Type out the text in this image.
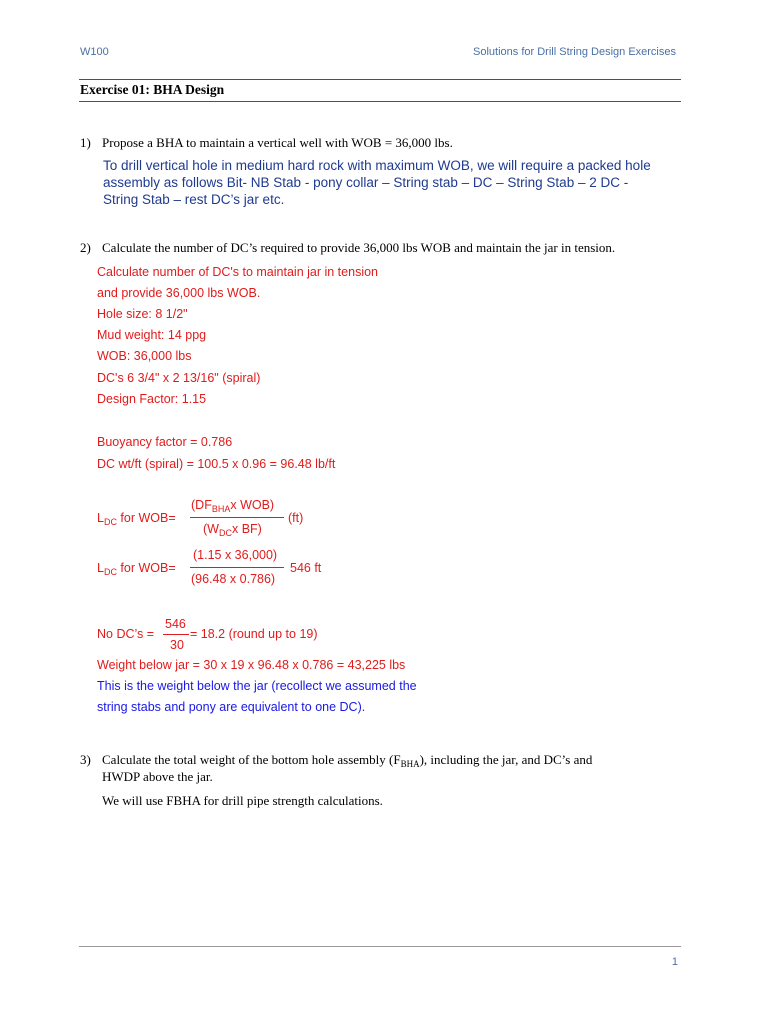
W100	Solutions for Drill String Design Exercises
Exercise 01: BHA Design
1) Propose a BHA to maintain a vertical well with WOB = 36,000 lbs.
To drill vertical hole in medium hard rock with maximum WOB, we will require a packed hole
assembly as follows Bit- NB Stab - pony collar – String stab – DC – String Stab – 2 DC -
String Stab – rest DC’s jar etc.
2) Calculate the number of DC’s required to provide 36,000 lbs WOB and maintain the jar in tension.
Calculate number of DC's to maintain jar in tension
and provide 36,000 lbs WOB.
Hole size: 8 1/2"
Mud weight: 14 ppg
WOB: 36,000 lbs
DC's 6 3/4" x 2 13/16" (spiral)
Design Factor: 1.15
Buoyancy factor = 0.786
DC wt/ft (spiral) = 100.5 x 0.96 = 96.48 lb/ft
$L_{DC}$ for WOB=
($DF_{BHA}x$ WOB)
($W_{DC}x$ BF)
(ft)
$L_{DC}$ for WOB=
(1.15 x 36,000)
(96.48 x 0.786)
546 ft
No DC’s =
546
30
= 18.2 (round up to 19)
Weight below jar = 30 x 19 x 96.48 x 0.786 = 43,225 lbs
This is the weight below the jar (recollect we assumed the
string stabs and pony are equivalent to one DC).
3) Calculate the total weight of the bottom hole assembly $(F_{BHA})$, including the jar, and DC’s and
HWDP above the jar.
We will use FBHA for drill pipe strength calculations.
1
